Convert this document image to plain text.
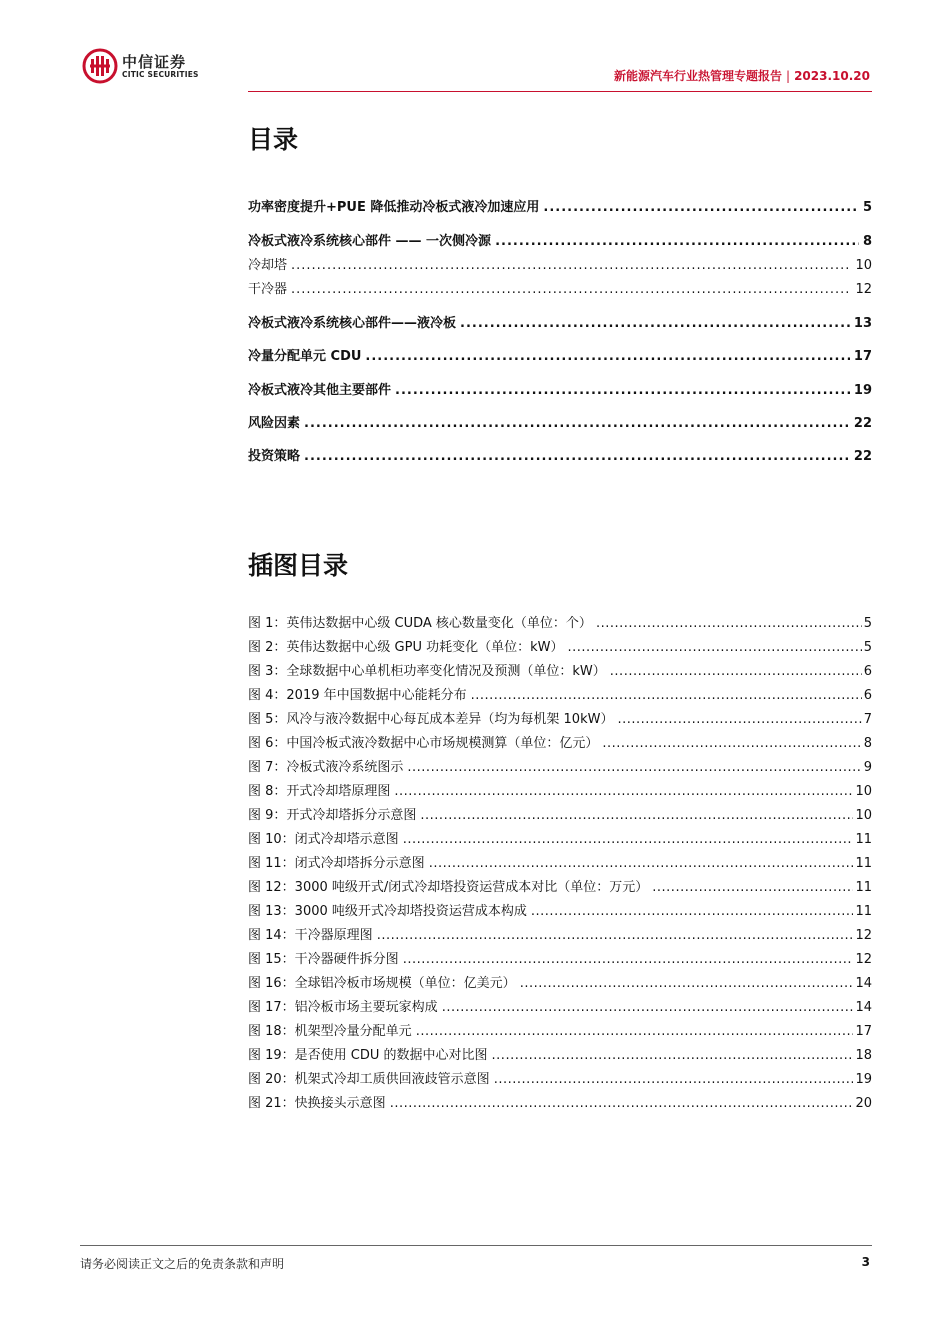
中信证券
CITIC SECURITIES	新能源汽车行业热管理专题报告 | 2023.10.20
目录
功率密度提升+PUE 降低推动冷板式液冷加速应用 .....	5
冷板式液冷系统核心部件 —— 一次侧冷源 .....	8
冷却塔 .....	10
干冷器 .....	12
冷板式液冷系统核心部件——液冷板 .....	13
冷量分配单元 CDU .....	17
冷板式液冷其他主要部件 .....	19
风险因素 .....	22
投资策略 .....	22
插图目录
图 1：英伟达数据中心级 CUDA 核心数量变化（单位：个） .....	5
图 2：英伟达数据中心级 GPU 功耗变化（单位：kW） .....	5
图 3：全球数据中心单机柜功率变化情况及预测（单位：kW） .....	6
图 4：2019 年中国数据中心能耗分布 .....	6
图 5：风冷与液冷数据中心每瓦成本差异（均为每机架 10kW） .....	7
图 6：中国冷板式液冷数据中心市场规模测算（单位：亿元） .....	8
图 7：冷板式液冷系统图示 .....	9
图 8：开式冷却塔原理图 .....	10
图 9：开式冷却塔拆分示意图 .....	10
图 10：闭式冷却塔示意图 .....	11
图 11：闭式冷却塔拆分示意图 .....	11
图 12：3000 吨级开式/闭式冷却塔投资运营成本对比（单位：万元） .....	11
图 13：3000 吨级开式冷却塔投资运营成本构成 .....	11
图 14：干冷器原理图 .....	12
图 15：干冷器硬件拆分图 .....	12
图 16：全球铝冷板市场规模（单位：亿美元） .....	14
图 17：铝冷板市场主要玩家构成 .....	14
图 18：机架型冷量分配单元 .....	17
图 19：是否使用 CDU 的数据中心对比图 .....	18
图 20：机架式冷却工质供回液歧管示意图 .....	19
图 21：快换接头示意图 .....	20
请务必阅读正文之后的免责条款和声明	3
